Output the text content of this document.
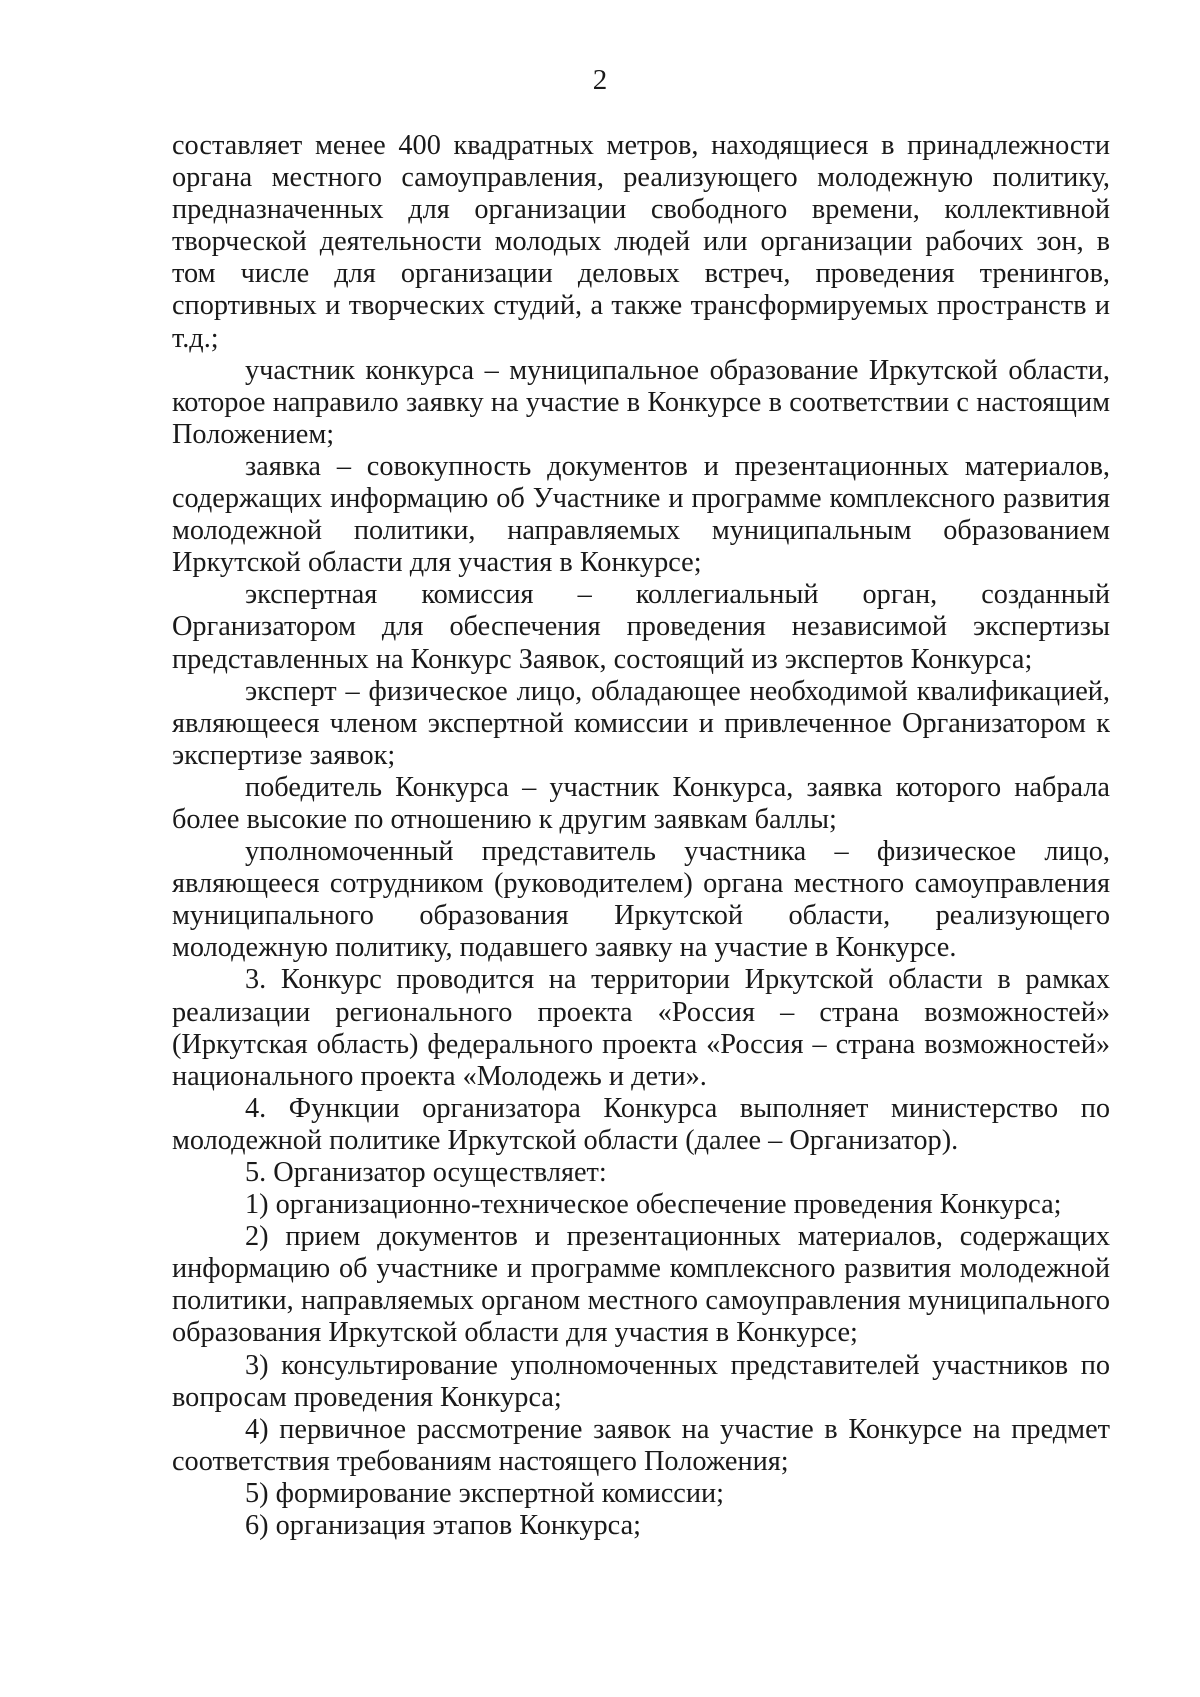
2

составляет менее 400 квадратных метров, находящиеся в принадлежности органа местного самоуправления, реализующего молодежную политику, предназначенных для организации свободного времени, коллективной творческой деятельности молодых людей или организации рабочих зон, в том числе для организации деловых встреч, проведения тренингов, спортивных и творческих студий, а также трансформируемых пространств и т.д.;

участник конкурса – муниципальное образование Иркутской области, которое направило заявку на участие в Конкурсе в соответствии с настоящим Положением;

заявка – совокупность документов и презентационных материалов, содержащих информацию об Участнике и программе комплексного развития молодежной политики, направляемых муниципальным образованием Иркутской области для участия в Конкурсе;

экспертная комиссия – коллегиальный орган, созданный Организатором для обеспечения проведения независимой экспертизы представленных на Конкурс Заявок, состоящий из экспертов Конкурса;

эксперт – физическое лицо, обладающее необходимой квалификацией, являющееся членом экспертной комиссии и привлеченное Организатором к экспертизе заявок;

победитель Конкурса – участник Конкурса, заявка которого набрала более высокие по отношению к другим заявкам баллы;

уполномоченный представитель участника – физическое лицо, являющееся сотрудником (руководителем) органа местного самоуправления муниципального образования Иркутской области, реализующего молодежную политику, подавшего заявку на участие в Конкурсе.

3. Конкурс проводится на территории Иркутской области в рамках реализации регионального проекта «Россия – страна возможностей» (Иркутская область) федерального проекта «Россия – страна возможностей» национального проекта «Молодежь и дети».

4. Функции организатора Конкурса выполняет министерство по молодежной политике Иркутской области (далее – Организатор).

5. Организатор осуществляет:

1) организационно-техническое обеспечение проведения Конкурса;

2) прием документов и презентационных материалов, содержащих информацию об участнике и программе комплексного развития молодежной политики, направляемых органом местного самоуправления муниципального образования Иркутской области для участия в Конкурсе;

3) консультирование уполномоченных представителей участников по вопросам проведения Конкурса;

4) первичное рассмотрение заявок на участие в Конкурсе на предмет соответствия требованиям настоящего Положения;

5) формирование экспертной комиссии;

6) организация этапов Конкурса;
